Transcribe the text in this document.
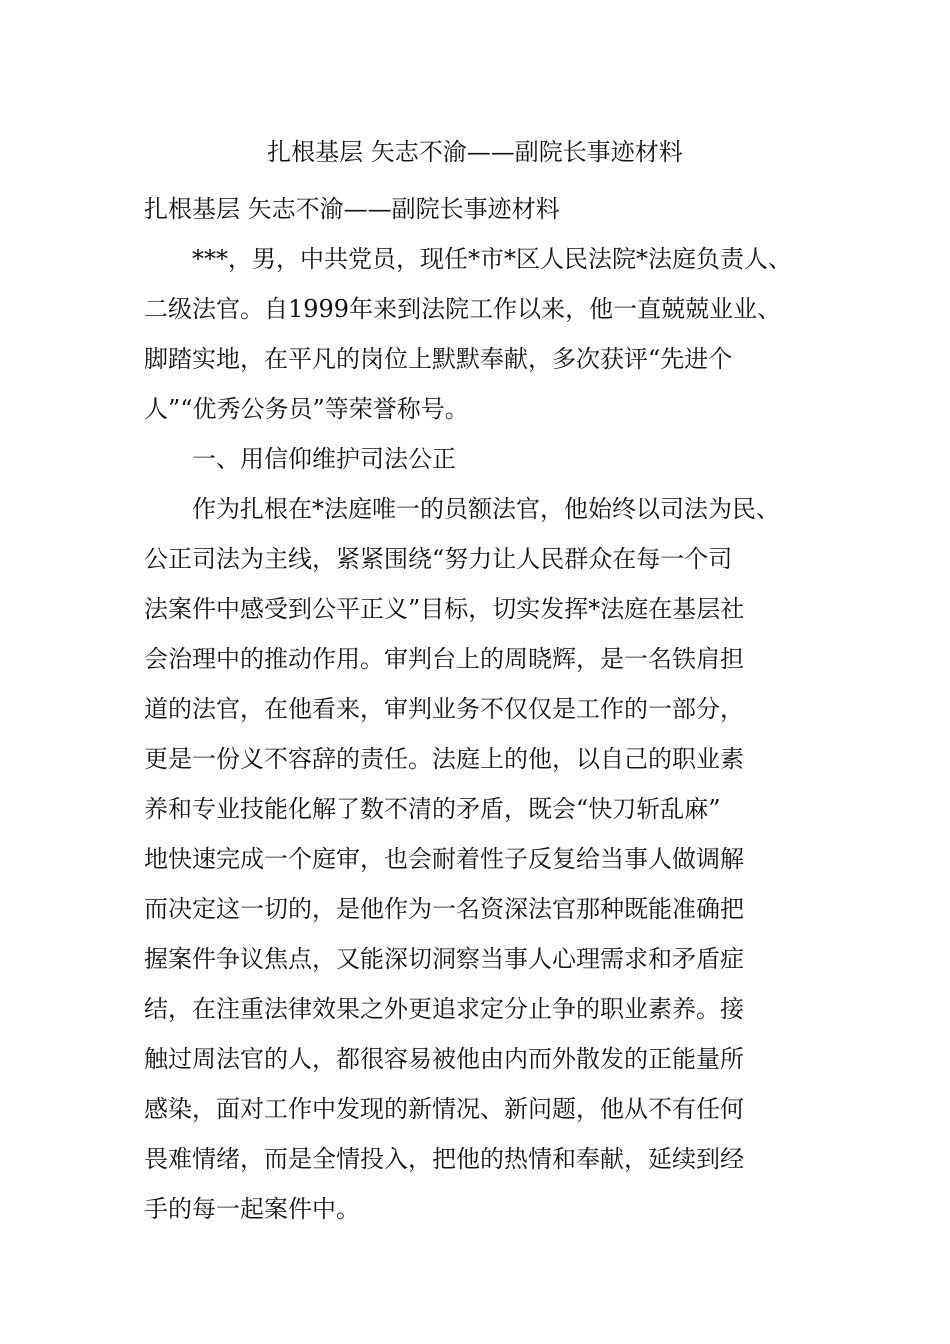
扎根基层 矢志不渝——副院长事迹材料

扎根基层 矢志不渝——副院长事迹材料

　　***，男，中共党员，现任*市*区人民法院*法庭负责人、

二级法官。自1999年来到法院工作以来，他一直兢兢业业、

脚踏实地，在平凡的岗位上默默奉献，多次获评“先进个

人”“优秀公务员”等荣誉称号。

　　一、用信仰维护司法公正

　　作为扎根在*法庭唯一的员额法官，他始终以司法为民、

公正司法为主线，紧紧围绕“努力让人民群众在每一个司

法案件中感受到公平正义”目标，切实发挥*法庭在基层社

会治理中的推动作用。审判台上的周晓辉，是一名铁肩担

道的法官，在他看来，审判业务不仅仅是工作的一部分，

更是一份义不容辞的责任。法庭上的他，以自己的职业素

养和专业技能化解了数不清的矛盾，既会“快刀斩乱麻”

地快速完成一个庭审，也会耐着性子反复给当事人做调解

而决定这一切的，是他作为一名资深法官那种既能准确把

握案件争议焦点，又能深切洞察当事人心理需求和矛盾症

结，在注重法律效果之外更追求定分止争的职业素养。接

触过周法官的人，都很容易被他由内而外散发的正能量所

感染，面对工作中发现的新情况、新问题，他从不有任何

畏难情绪，而是全情投入，把他的热情和奉献，延续到经

手的每一起案件中。
